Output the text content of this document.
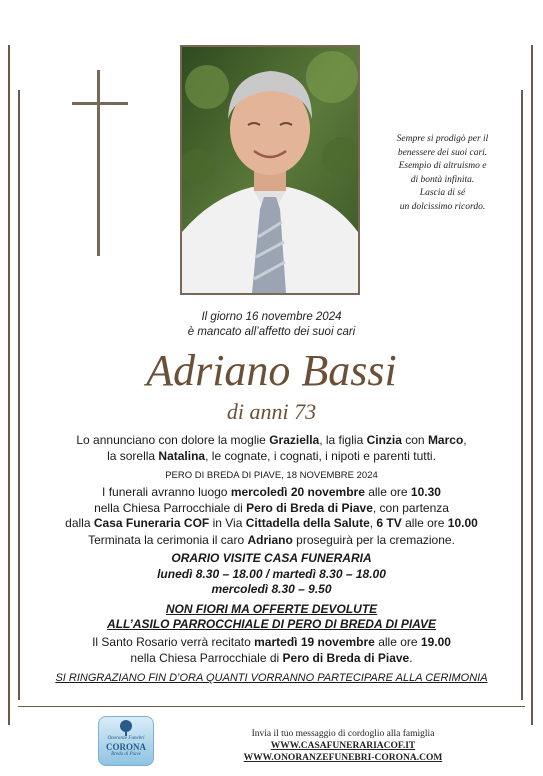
Sempre si prodigò per il
benessere dei suoi cari.
Esempio di altruismo e
di bontà infinita.
Lascia di sé
un dolcissimo ricordo.
Il giorno 16 novembre 2024
è mancato all’affetto dei suoi cari
Adriano Bassi
di anni 73
Lo annunciano con dolore la moglie Graziella, la figlia Cinzia con Marco,
la sorella Natalina, le cognate, i cognati, i nipoti e parenti tutti.
PERO DI BREDA DI PIAVE, 18 NOVEMBRE 2024
I funerali avranno luogo mercoledì 20 novembre alle ore 10.30
nella Chiesa Parrocchiale di Pero di Breda di Piave, con partenza
dalla Casa Funeraria COF in Via Cittadella della Salute, 6 TV alle ore 10.00
Terminata la cerimonia il caro Adriano proseguirà per la cremazione.
ORARIO VISITE CASA FUNERARIA
lunedì 8.30 – 18.00 / martedì 8.30 – 18.00
mercoledì 8.30 – 9.50
NON FIORI MA OFFERTE DEVOLUTE
ALL’ASILO PARROCCHIALE DI PERO DI BREDA DI PIAVE
Il Santo Rosario verrà recitato martedì 19 novembre alle ore 19.00
nella Chiesa Parrocchiale di Pero di Breda di Piave.
SI RINGRAZIANO FIN D’ORA QUANTI VORRANNO PARTECIPARE ALLA CERIMONIA
Onoranze Funebri
CORONA
Breda di Piave
Invia il tuo messaggio di cordoglio alla famiglia
WWW.CASAFUNERARIACOF.IT
WWW.ONORANZEFUNEBRI-CORONA.COM
